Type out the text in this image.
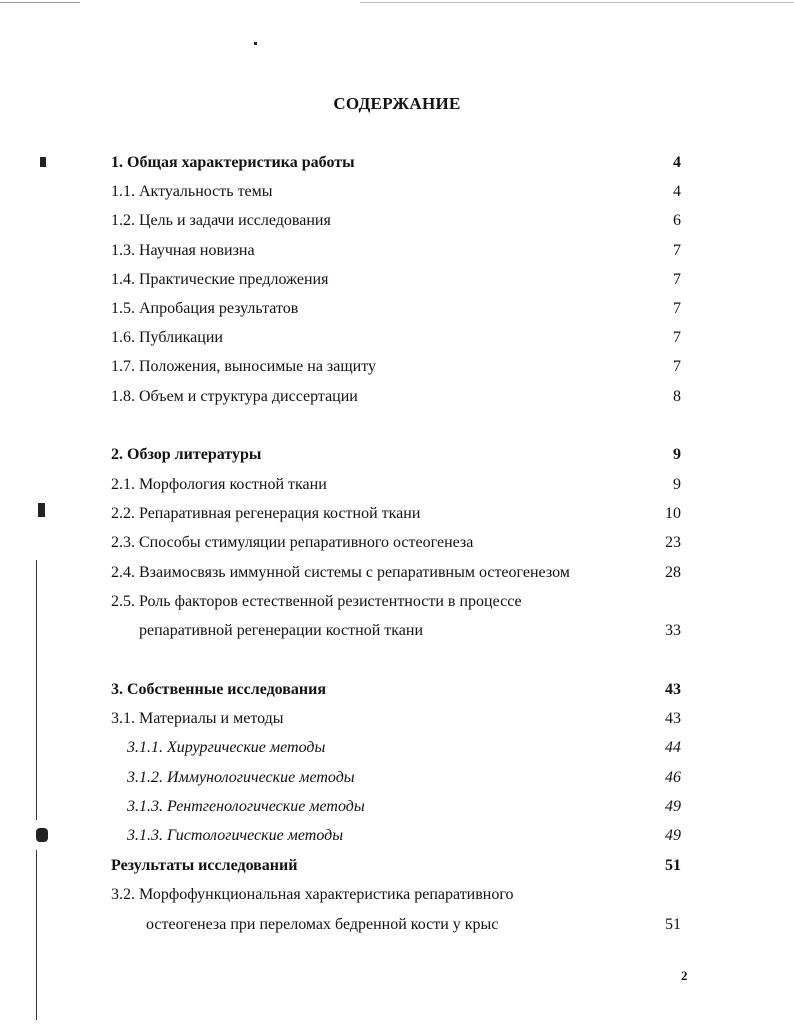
СОДЕРЖАНИЕ
1. Общая характеристика работы	4
1.1. Актуальность темы	4
1.2. Цель и задачи исследования	6
1.3. Научная новизна	7
1.4. Практические предложения	7
1.5. Апробация результатов	7
1.6. Публикации	7
1.7. Положения, выносимые на защиту	7
1.8. Объем и структура диссертации	8
2. Обзор литературы	9
2.1. Морфология костной ткани	9
2.2. Репаративная регенерация костной ткани	10
2.3. Способы стимуляции репаративного остеогенеза	23
2.4. Взаимосвязь иммунной системы с репаративным остеогенезом	28
2.5. Роль факторов естественной резистентности в процессе
репаративной регенерации костной ткани	33
3. Собственные исследования	43
3.1. Материалы и методы	43
3.1.1. Хирургические методы	44
3.1.2. Иммунологические методы	46
3.1.3. Рентгенологические методы	49
3.1.3. Гистологические методы	49
Результаты исследований	51
3.2. Морфофункциональная характеристика репаративного
остеогенеза при переломах бедренной кости у крыс	51
2
